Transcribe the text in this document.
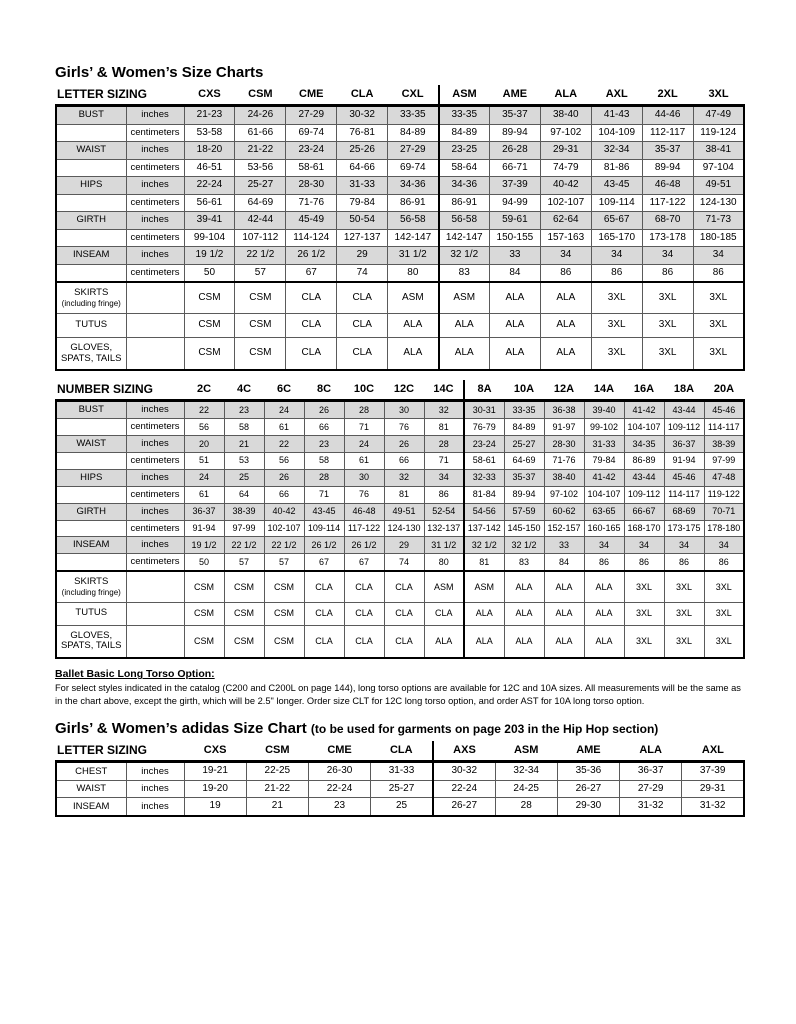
Girls’ & Women’s Size Charts
LETTER SIZING		CXS	CSM	CME	CLA	CXL	ASM	AME	ALA	AXL	2XL	3XL
BUST	inches	21-23	24-26	27-29	30-32	33-35	33-35	35-37	38-40	41-43	44-46	47-49
	centimeters	53-58	61-66	69-74	76-81	84-89	84-89	89-94	97-102	104-109	112-117	119-124
WAIST	inches	18-20	21-22	23-24	25-26	27-29	23-25	26-28	29-31	32-34	35-37	38-41
	centimeters	46-51	53-56	58-61	64-66	69-74	58-64	66-71	74-79	81-86	89-94	97-104
HIPS	inches	22-24	25-27	28-30	31-33	34-36	34-36	37-39	40-42	43-45	46-48	49-51
	centimeters	56-61	64-69	71-76	79-84	86-91	86-91	94-99	102-107	109-114	117-122	124-130
GIRTH	inches	39-41	42-44	45-49	50-54	56-58	56-58	59-61	62-64	65-67	68-70	71-73
	centimeters	99-104	107-112	114-124	127-137	142-147	142-147	150-155	157-163	165-170	173-178	180-185
INSEAM	inches	19 1/2	22 1/2	26 1/2	29	31 1/2	32 1/2	33	34	34	34	34
	centimeters	50	57	67	74	80	83	84	86	86	86	86
SKIRTS
(including fringe)		CSM	CSM	CLA	CLA	ASM	ASM	ALA	ALA	3XL	3XL	3XL
TUTUS		CSM	CSM	CLA	CLA	ALA	ALA	ALA	ALA	3XL	3XL	3XL
GLOVES, SPATS, TAILS		CSM	CSM	CLA	CLA	ALA	ALA	ALA	ALA	3XL	3XL	3XL
NUMBER SIZING		2C	4C	6C	8C	10C	12C	14C	8A	10A	12A	14A	16A	18A	20A
BUST	inches	22	23	24	26	28	30	32	30-31	33-35	36-38	39-40	41-42	43-44	45-46
	centimeters	56	58	61	66	71	76	81	76-79	84-89	91-97	99-102	104-107	109-112	114-117
WAIST	inches	20	21	22	23	24	26	28	23-24	25-27	28-30	31-33	34-35	36-37	38-39
	centimeters	51	53	56	58	61	66	71	58-61	64-69	71-76	79-84	86-89	91-94	97-99
HIPS	inches	24	25	26	28	30	32	34	32-33	35-37	38-40	41-42	43-44	45-46	47-48
	centimeters	61	64	66	71	76	81	86	81-84	89-94	97-102	104-107	109-112	114-117	119-122
GIRTH	inches	36-37	38-39	40-42	43-45	46-48	49-51	52-54	54-56	57-59	60-62	63-65	66-67	68-69	70-71
	centimeters	91-94	97-99	102-107	109-114	117-122	124-130	132-137	137-142	145-150	152-157	160-165	168-170	173-175	178-180
INSEAM	inches	19 1/2	22 1/2	22 1/2	26 1/2	26 1/2	29	31 1/2	32 1/2	32 1/2	33	34	34	34	34
	centimeters	50	57	57	67	67	74	80	81	83	84	86	86	86	86
SKIRTS
(including fringe)		CSM	CSM	CSM	CLA	CLA	CLA	ASM	ASM	ALA	ALA	ALA	3XL	3XL	3XL
TUTUS		CSM	CSM	CSM	CLA	CLA	CLA	CLA	ALA	ALA	ALA	ALA	3XL	3XL	3XL
GLOVES, SPATS, TAILS		CSM	CSM	CSM	CLA	CLA	CLA	ALA	ALA	ALA	ALA	ALA	3XL	3XL	3XL
Ballet Basic Long Torso Option:
For select styles indicated in the catalog (C200 and C200L on page 144), long torso options are available for 12C and 10A sizes. All measurements will be the same as in the chart above, except the girth, which will be 2.5" longer. Order size CLT for 12C long torso option, and order AST for 10A long torso option.
Girls’ & Women’s adidas Size Chart (to be used for garments on page 203 in the Hip Hop section)
LETTER SIZING		CXS	CSM	CME	CLA	AXS	ASM	AME	ALA	AXL
CHEST	inches	19-21	22-25	26-30	31-33	30-32	32-34	35-36	36-37	37-39
WAIST	inches	19-20	21-22	22-24	25-27	22-24	24-25	26-27	27-29	29-31
INSEAM	inches	19	21	23	25	26-27	28	29-30	31-32	31-32
